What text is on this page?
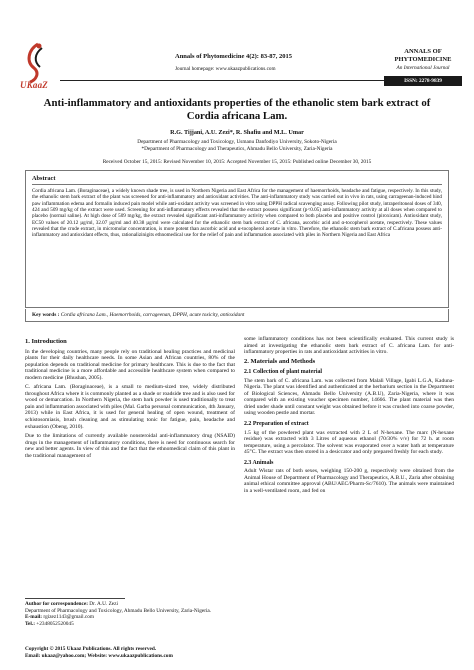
UKaaZ
Annals of Phytomedicine 4(2): 83-87, 2015
Journal homepage: www.ukaazpublications.com
ANNALS OF
PHYTOMEDICINE
An International Journal
ISSN: 2278-9839
Anti-inflammatory and antioxidants properties of the ethanolic stem bark extract of Cordia africana Lam.
R.G. Tijjani, A.U. Zezi*, R. Shafiu and M.L. Umar
Department of Pharmacology and Toxicology, Usmanu Danfodiyo University, Sokoto-Nigeria
*Department of Pharmacology and Therapeutics, Ahmadu Bello University, Zaria-Nigeria
Received October 15, 2015: Revised November 10, 2015: Accepted November 15, 2015: Published online December 30, 2015
Abstract
Cordia africana Lam. (Boraginaceae), a widely known shade tree, is used in Northern Nigeria and East Africa for the management of haemorrhoids, headache and fatigue, respectively. In this study, the ethanolic stem bark extract of the plant was screened for anti-inflammatory and antioxidant activities. The anti-inflammatory study was carried out in vivo in rats, using carrageenan-induced hind paw inflammation edema and formalin induced pain model while anti-oxidant activity was screened in vitro using DPPH radical scavenging assay. Following pilot study, intraperitoneal doses of 340, 424 and 509 mg/kg of the extract were used. Screening for anti-inflammatory effects revealed that the extract possess significant (p<0.05) anti-inflammatory activity at all doses when compared to placebo (normal saline). At high dose of 509 mg/kg, the extract revealed significant anti-inflammatory activity when compared to both placebo and positive control (piroxicam). Antioxidant study, EC50 values of 20.12 µg/ml, 32.07 µg/ml and 40.38 µg/ml were calculated for the ethanolic stem bark extract of C. africana, ascorbic acid and α-tocopherol acetate, respectively. These values revealed that the crude extract, in micromolar concentration, is more potent than ascorbic acid and α-tocopherol acetate in vitro. Therefore, the ethanolic stem bark extract of C.africana possess anti-inflammatory and antioxidant effects, thus, rationalizinigits ethnomedical use for the relief of pain and inflammation associated with piles in Northern Nigeria and East Africa
Key words : Cordia africana Lam., Haemorrhoids, carrageenan, DPPH, acute toxicity, antioxidant
1. Introduction

In the developing countries, many people rely on traditional healing practices and medicinal plants for their daily healthcare needs. In some Asian and African countries, 80% of the population depends on traditional medicine for primary healthcare. This is due to the fact that traditional medicine is a more affordable and accessible healthcare system when compared to modern medicine (Bhushan, 2005).

C. africana Lam. (Boraginaceae), is a small to medium-sized tree, widely distributed throughout Africa where it is commonly planted as a shade or roadside tree and is also used for wood or demarcation. In Northern Nigeria, the stem bark powder is used traditionally to treat pain and inflammation associated with piles (Mal. Garba personal communication, 4th January, 2013) while in East Africa, it is used for general healing of open wound, treatment of schistosomiasis, brush cleaning and as stimulating tonic for fatigue, pain, headache and exhaustion (Obeng, 2010).

Due to the limitations of currently available nonsteroidal anti-inflammatory drug (NSAID) drugs in the management of inflammatory conditions, there is need for continuous search for new and better agents. In view of this and the fact that the ethnomedical claim of this plant in the traditional management of

some inflammatory conditions has not been scientifically evaluated. This current study is aimed at investigating the ethanolic stem bark extract of C. africana Lam. for anti-inflammatory properties in rats and antioxidant activities in vitro.

2. Materials and Methods
2.1 Collection of plant material

The stem bark of C. africana Lam. was collected from Malali Village, Igabi L.G.A, Kaduna-Nigeria. The plant was identified and authenticated at the herbarium section in the Department of Biological Sciences, Ahmadu Bello University (A.B.U), Zaria-Nigeria, where it was compared with an existing voucher specimen number, 14666. The plant material was then dried under shade until constant weight was obtained before it was crushed into coarse powder, using wooden pestle and mortar.

2.2 Preparation of extract

1.5 kg of the powdered plant was extracted with 2 L of N-hexane. The marc (N-hexane residue) was extracted with 3 Litres of aqueous ethanol (70/30% v/v) for 72 h. at room temperature, using a percolator. The solvent was evaporated over a water bath at temperature 45°C. The extract was then stored in a desiccator and only prepared freshly for each study.

2.3 Animals

Adult Wistar rats of both sexes, weighing 150-200 g, respectively were obtained from the Animal House of Department of Pharmacology and Therapeutics, A.B.U., Zaria after obtaining animal ethical committee approval (ABU/AEC/Pharm-Sc/7610). The animals were maintained in a well-ventilated room, and fed on

Author for correspondence: Dr. A.U. Zezi
Department of Pharmacology and Toxicology, Ahmadu Bello University, Zaria-Nigeria.
E-mail: rgizez1143@gmail.com
Tel.: +2348052520045
Copyright © 2015 Ukaaz Publications. All rights reserved.
Email: ukaaz@yahoo.com; Website: www.ukaazpublications.com
